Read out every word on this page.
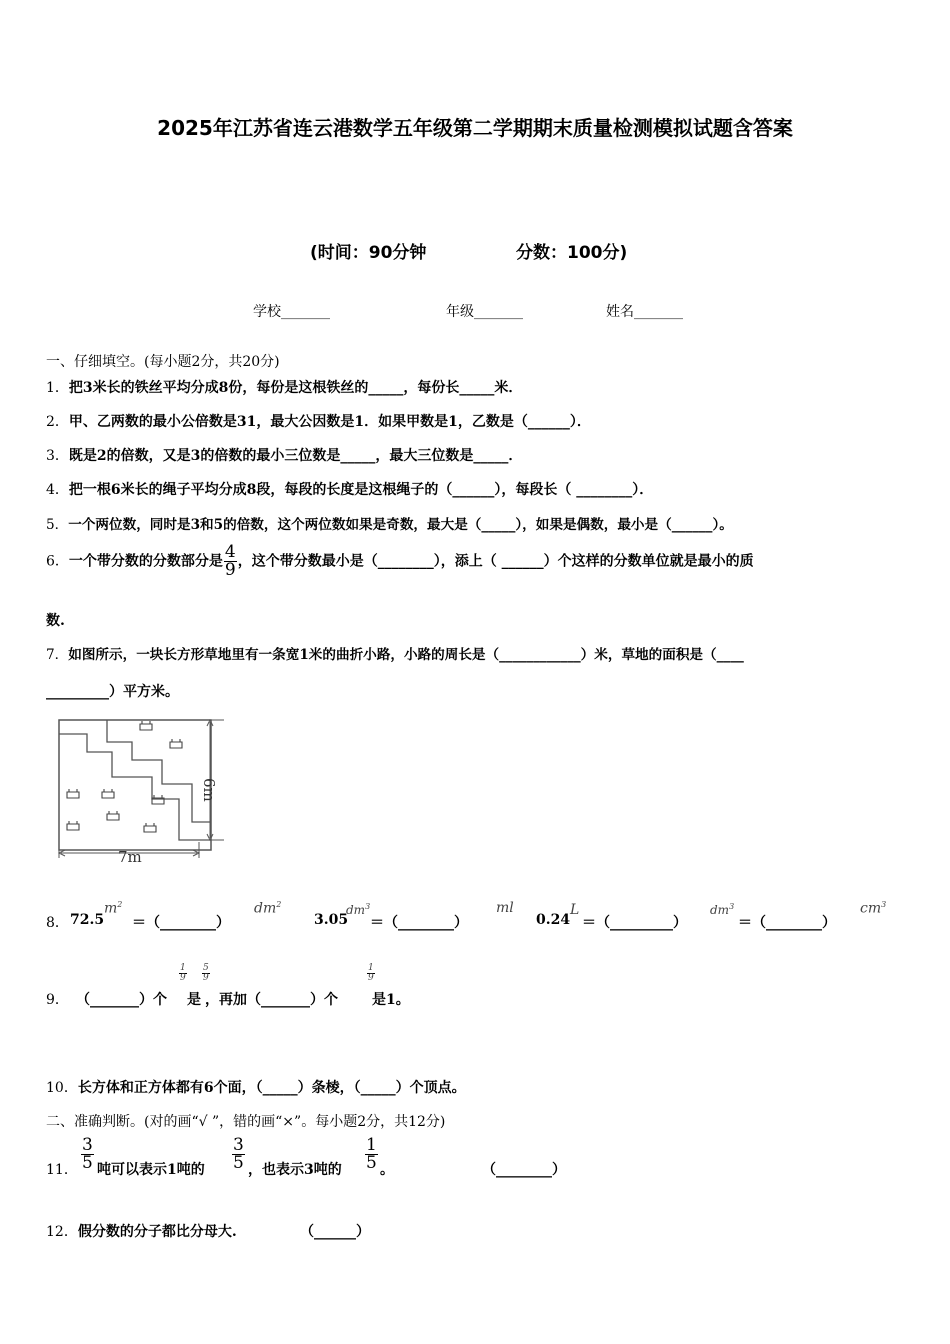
2025年江苏省连云港数学五年级第二学期期末质量检测模拟试题含答案
(时间：90分钟	分数：100分)
学校_______	年级_______	姓名_______
一、仔细填空。(每小题2分，共20分)
1．把3米长的铁丝平均分成8份，每份是这根铁丝的_____，每份长_____米．
2．甲、乙两数的最小公倍数是31，最大公因数是1．如果甲数是1，乙数是（______）．
3．既是2的倍数，又是3的倍数的最小三位数是_____，最大三位数是_____．
4．把一根6米长的绳子平均分成8段，每段的长度是这根绳子的（______），每段长（ ________）．
5．一个两位数，同时是3和5的倍数，这个两位数如果是奇数，最大是（_____），如果是偶数，最小是（______）。
6．一个带分数的分数部分是 $\frac{4}{9}$ ，这个带分数最小是（________），添上（ ______）个这样的分数单位就是最小的质
数.
7．如图所示，一块长方形草地里有一条宽1米的曲折小路，小路的周长是（____________）米，草地的面积是（____
_________）平方米。
6m
7m
8． 72.5
$m^2$
＝（________）
$dm^2$
3.05
$dm^3$
＝（________）
ml
0.24
L
＝（_________）
$dm^3$
＝（________）
$cm^3$
9． （_______）个
$\frac{1}{9}$
是
$\frac{5}{9}$
，再加（_______）个
$\frac{1}{9}$
是1。
10．长方体和正方体都有6个面，（_____）条棱，（_____）个顶点。
二、准确判断。(对的画“√ ”，错的画“×”。每小题2分，共12分)
11． $\frac{3}{5}$ 吨可以表示1吨的 $\frac{3}{5}$ ，也表示3吨的 $\frac{1}{5}$ 。	（________）
12．假分数的分子都比分母大.	（______）
